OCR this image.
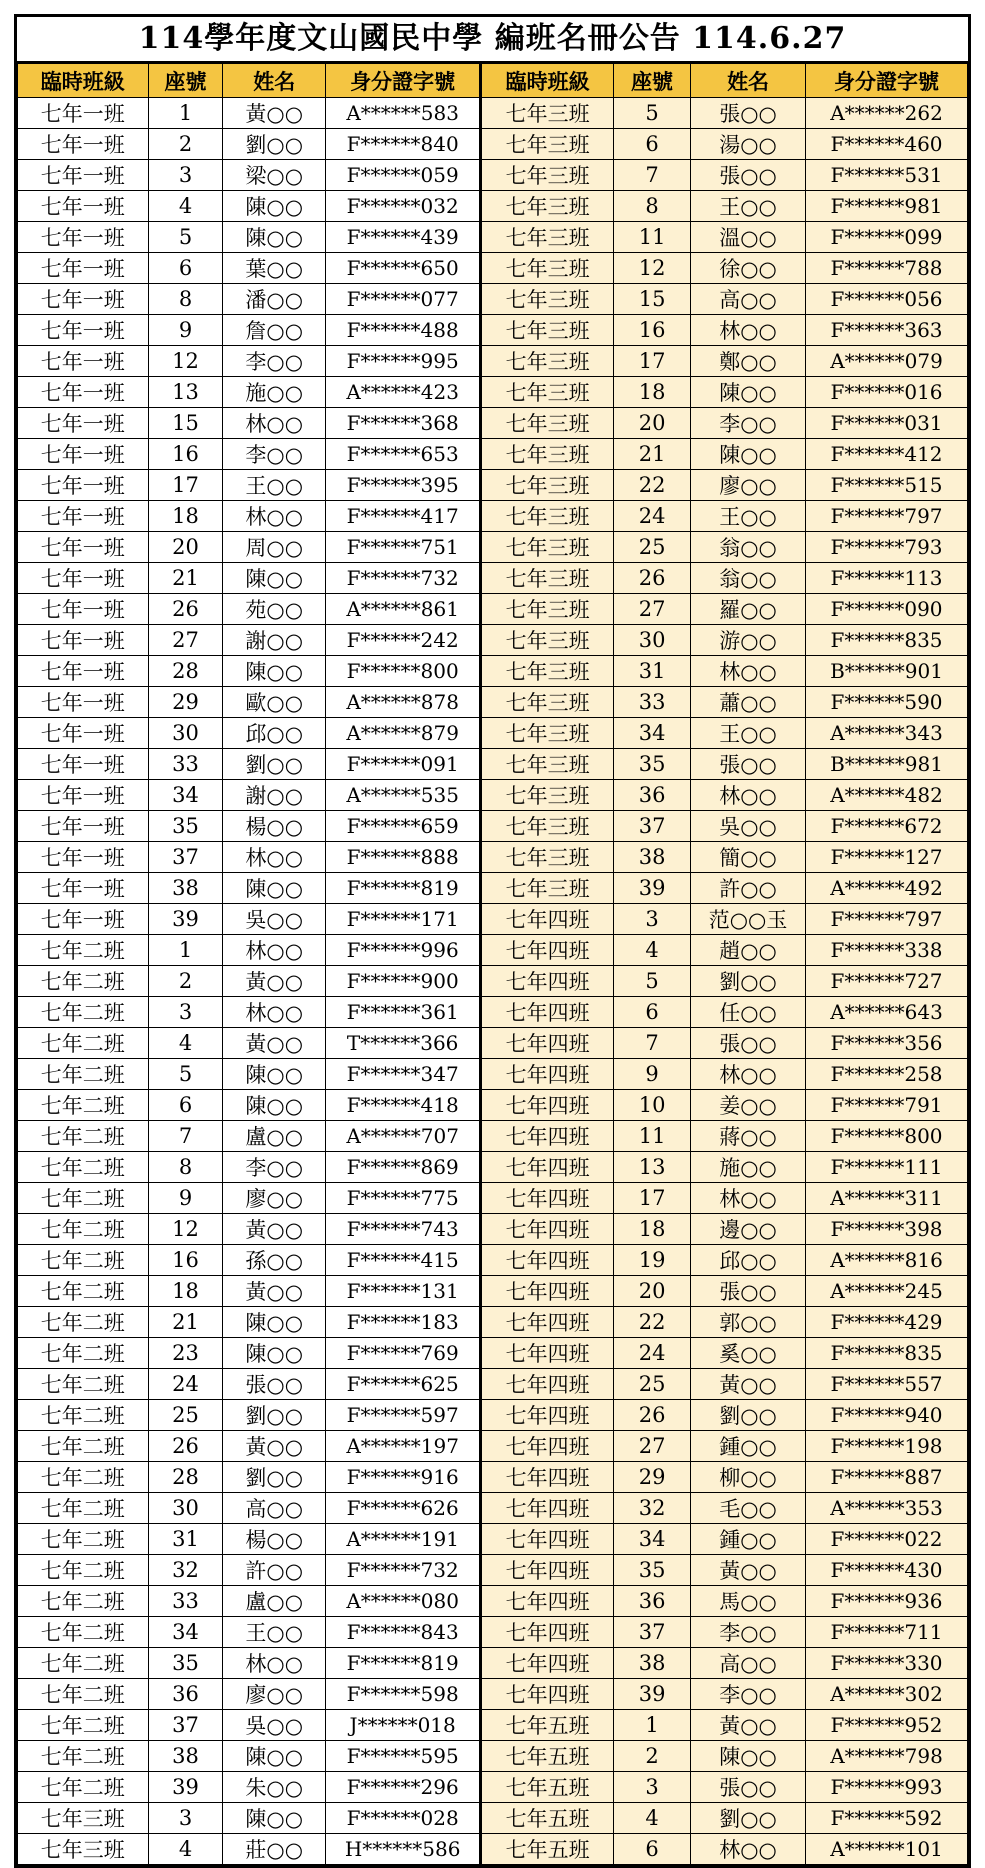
114學年度文山國民中學 編班名冊公告 114.6.27
臨時班級	座號	姓名	身分證字號	臨時班級	座號	姓名	身分證字號
七年一班	1	黃○○	A******583	七年三班	5	張○○	A******262
七年一班	2	劉○○	F******840	七年三班	6	湯○○	F******460
七年一班	3	梁○○	F******059	七年三班	7	張○○	F******531
七年一班	4	陳○○	F******032	七年三班	8	王○○	F******981
七年一班	5	陳○○	F******439	七年三班	11	溫○○	F******099
七年一班	6	葉○○	F******650	七年三班	12	徐○○	F******788
七年一班	8	潘○○	F******077	七年三班	15	高○○	F******056
七年一班	9	詹○○	F******488	七年三班	16	林○○	F******363
七年一班	12	李○○	F******995	七年三班	17	鄭○○	A******079
七年一班	13	施○○	A******423	七年三班	18	陳○○	F******016
七年一班	15	林○○	F******368	七年三班	20	李○○	F******031
七年一班	16	李○○	F******653	七年三班	21	陳○○	F******412
七年一班	17	王○○	F******395	七年三班	22	廖○○	F******515
七年一班	18	林○○	F******417	七年三班	24	王○○	F******797
七年一班	20	周○○	F******751	七年三班	25	翁○○	F******793
七年一班	21	陳○○	F******732	七年三班	26	翁○○	F******113
七年一班	26	苑○○	A******861	七年三班	27	羅○○	F******090
七年一班	27	謝○○	F******242	七年三班	30	游○○	F******835
七年一班	28	陳○○	F******800	七年三班	31	林○○	B******901
七年一班	29	歐○○	A******878	七年三班	33	蕭○○	F******590
七年一班	30	邱○○	A******879	七年三班	34	王○○	A******343
七年一班	33	劉○○	F******091	七年三班	35	張○○	B******981
七年一班	34	謝○○	A******535	七年三班	36	林○○	A******482
七年一班	35	楊○○	F******659	七年三班	37	吳○○	F******672
七年一班	37	林○○	F******888	七年三班	38	簡○○	F******127
七年一班	38	陳○○	F******819	七年三班	39	許○○	A******492
七年一班	39	吳○○	F******171	七年四班	3	范○○玉	F******797
七年二班	1	林○○	F******996	七年四班	4	趙○○	F******338
七年二班	2	黃○○	F******900	七年四班	5	劉○○	F******727
七年二班	3	林○○	F******361	七年四班	6	任○○	A******643
七年二班	4	黃○○	T******366	七年四班	7	張○○	F******356
七年二班	5	陳○○	F******347	七年四班	9	林○○	F******258
七年二班	6	陳○○	F******418	七年四班	10	姜○○	F******791
七年二班	7	盧○○	A******707	七年四班	11	蔣○○	F******800
七年二班	8	李○○	F******869	七年四班	13	施○○	F******111
七年二班	9	廖○○	F******775	七年四班	17	林○○	A******311
七年二班	12	黃○○	F******743	七年四班	18	邊○○	F******398
七年二班	16	孫○○	F******415	七年四班	19	邱○○	A******816
七年二班	18	黃○○	F******131	七年四班	20	張○○	A******245
七年二班	21	陳○○	F******183	七年四班	22	郭○○	F******429
七年二班	23	陳○○	F******769	七年四班	24	奚○○	F******835
七年二班	24	張○○	F******625	七年四班	25	黃○○	F******557
七年二班	25	劉○○	F******597	七年四班	26	劉○○	F******940
七年二班	26	黃○○	A******197	七年四班	27	鍾○○	F******198
七年二班	28	劉○○	F******916	七年四班	29	柳○○	F******887
七年二班	30	高○○	F******626	七年四班	32	毛○○	A******353
七年二班	31	楊○○	A******191	七年四班	34	鍾○○	F******022
七年二班	32	許○○	F******732	七年四班	35	黃○○	F******430
七年二班	33	盧○○	A******080	七年四班	36	馬○○	F******936
七年二班	34	王○○	F******843	七年四班	37	李○○	F******711
七年二班	35	林○○	F******819	七年四班	38	高○○	F******330
七年二班	36	廖○○	F******598	七年四班	39	李○○	A******302
七年二班	37	吳○○	J******018	七年五班	1	黃○○	F******952
七年二班	38	陳○○	F******595	七年五班	2	陳○○	A******798
七年二班	39	朱○○	F******296	七年五班	3	張○○	F******993
七年三班	3	陳○○	F******028	七年五班	4	劉○○	F******592
七年三班	4	莊○○	H******586	七年五班	6	林○○	A******101
